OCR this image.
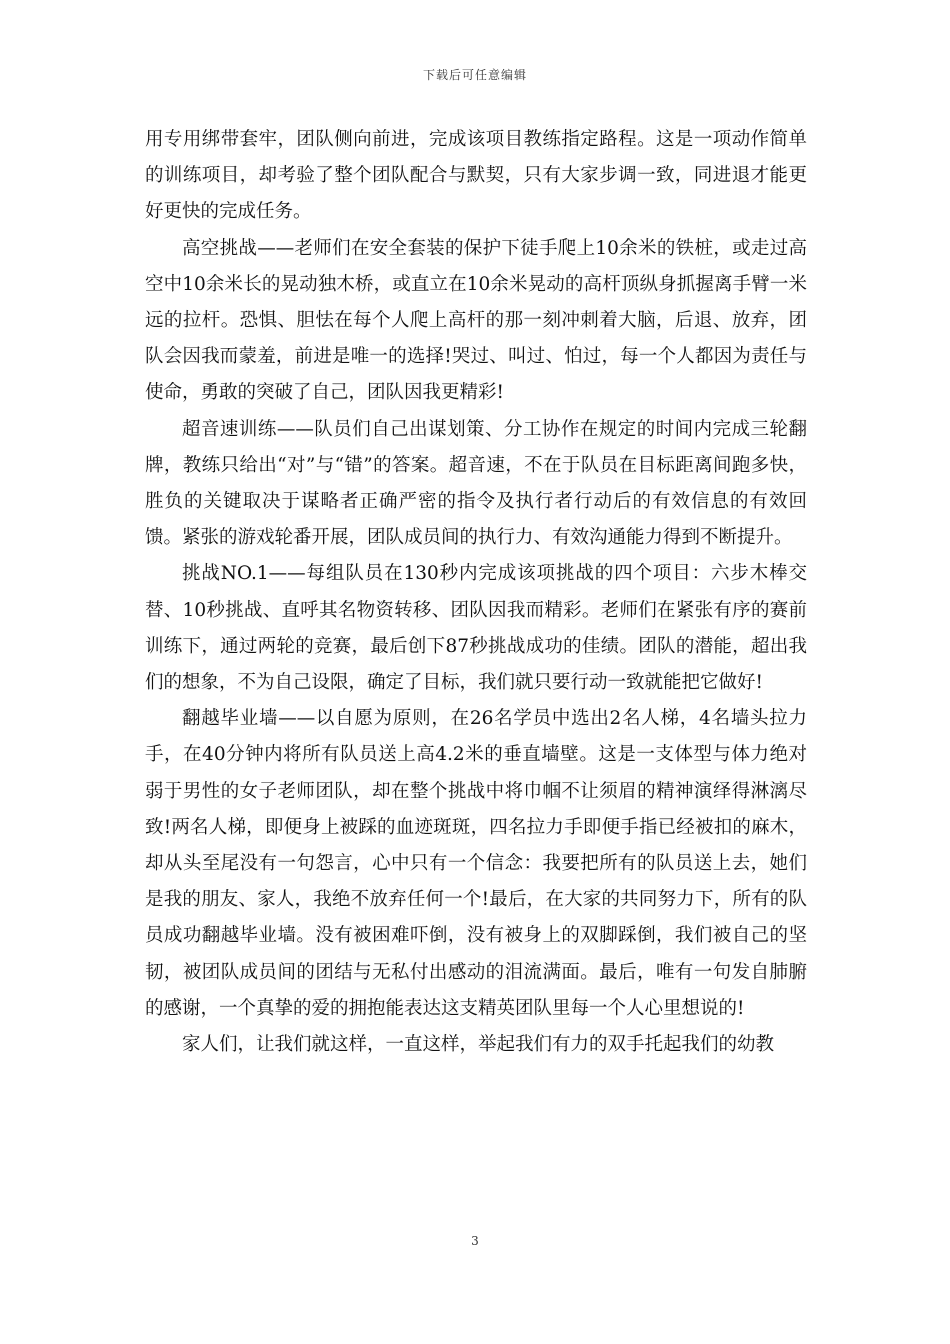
下载后可任意编辑

用专用绑带套牢，团队侧向前进，完成该项目教练指定路程。这是一项动作简单的训练项目，却考验了整个团队配合与默契，只有大家步调一致，同进退才能更好更快的完成任务。

高空挑战——老师们在安全套装的保护下徒手爬上10余米的铁桩，或走过高空中10余米长的晃动独木桥，或直立在10余米晃动的高杆顶纵身抓握离手臂一米远的拉杆。恐惧、胆怯在每个人爬上高杆的那一刻冲刺着大脑，后退、放弃，团队会因我而蒙羞，前进是唯一的选择!哭过、叫过、怕过，每一个人都因为责任与使命，勇敢的突破了自己，团队因我更精彩!

超音速训练——队员们自己出谋划策、分工协作在规定的时间内完成三轮翻牌，教练只给出“对”与“错”的答案。超音速，不在于队员在目标距离间跑多快，胜负的关键取决于谋略者正确严密的指令及执行者行动后的有效信息的有效回馈。紧张的游戏轮番开展，团队成员间的执行力、有效沟通能力得到不断提升。

挑战NO.1——每组队员在130秒内完成该项挑战的四个项目：六步木棒交替、10秒挑战、直呼其名物资转移、团队因我而精彩。老师们在紧张有序的赛前训练下，通过两轮的竞赛，最后创下87秒挑战成功的佳绩。团队的潜能，超出我们的想象，不为自己设限，确定了目标，我们就只要行动一致就能把它做好!

翻越毕业墙——以自愿为原则，在26名学员中选出2名人梯，4名墙头拉力手，在40分钟内将所有队员送上高4.2米的垂直墙壁。这是一支体型与体力绝对弱于男性的女子老师团队，却在整个挑战中将巾帼不让须眉的精神演绎得淋漓尽致!两名人梯，即便身上被踩的血迹斑斑，四名拉力手即便手指已经被扣的麻木，却从头至尾没有一句怨言，心中只有一个信念：我要把所有的队员送上去，她们是我的朋友、家人，我绝不放弃任何一个!最后，在大家的共同努力下，所有的队员成功翻越毕业墙。没有被困难吓倒，没有被身上的双脚踩倒，我们被自己的坚韧，被团队成员间的团结与无私付出感动的泪流满面。最后，唯有一句发自肺腑的感谢，一个真挚的爱的拥抱能表达这支精英团队里每一个人心里想说的!

家人们，让我们就这样，一直这样，举起我们有力的双手托起我们的幼教

3
